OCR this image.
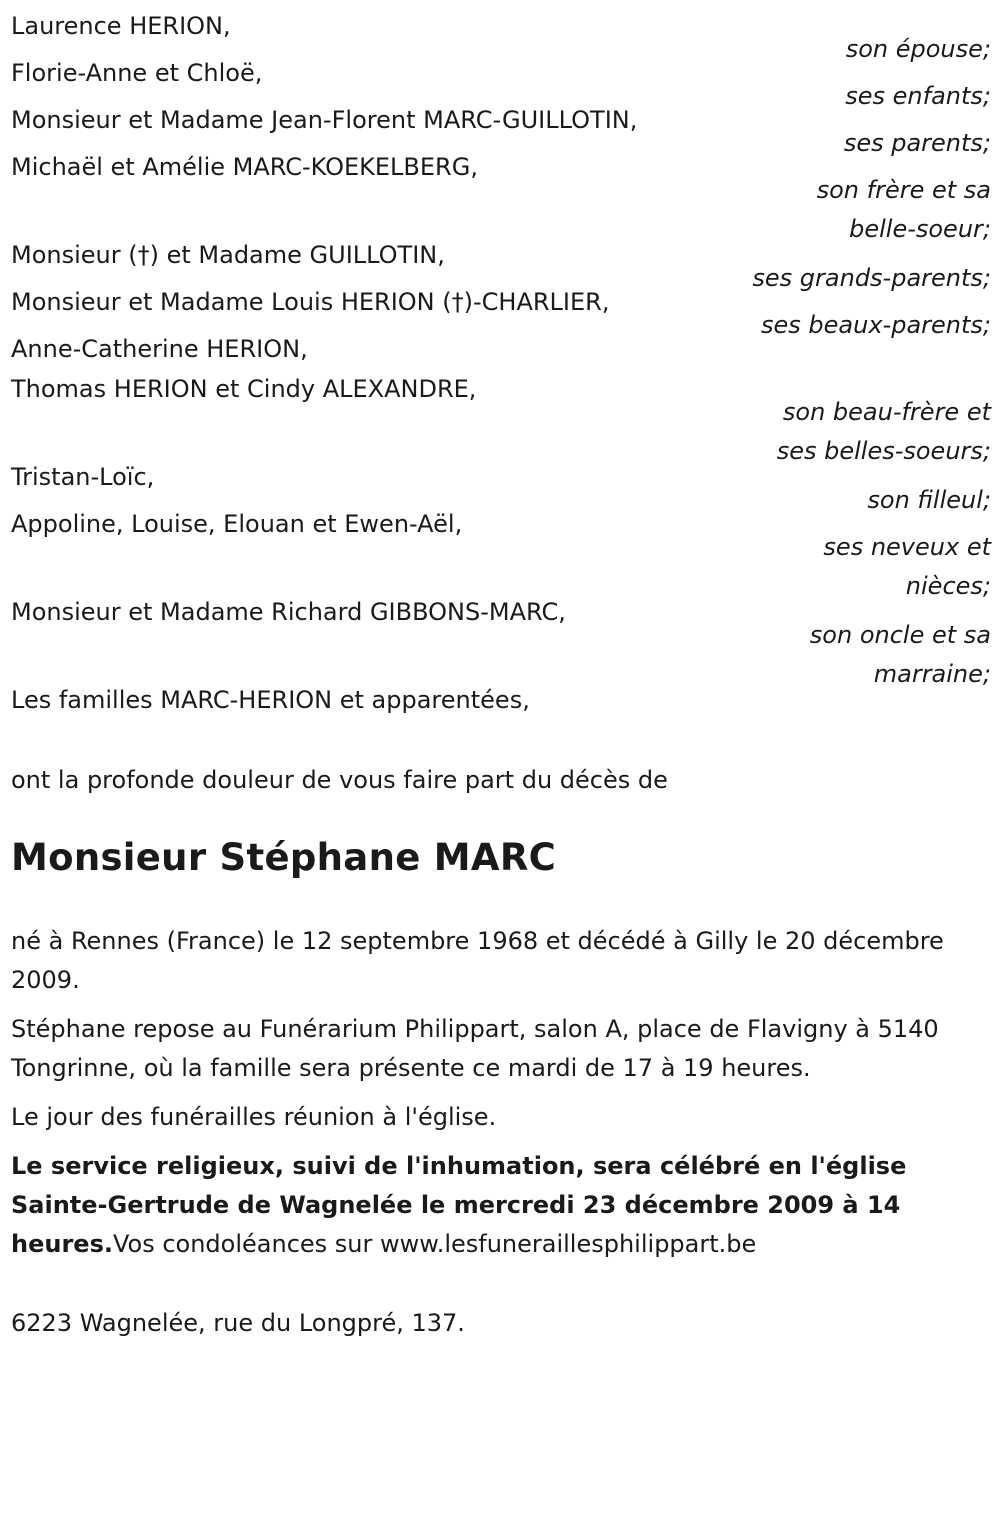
Laurence HERION,

son épouse;

Florie-Anne et Chloë,

ses enfants;

Monsieur et Madame Jean-Florent MARC-GUILLOTIN,

ses parents;

Michaël et Amélie MARC-KOEKELBERG,

son frère et sa belle-soeur;

Monsieur (†) et Madame GUILLOTIN,

ses grands-parents;

Monsieur et Madame Louis HERION (†)-CHARLIER,

ses beaux-parents;

Anne-Catherine HERION,

Thomas HERION et Cindy ALEXANDRE,

son beau-frère et ses belles-soeurs;

Tristan-Loïc,

son filleul;

Appoline, Louise, Elouan et Ewen-Aël,

ses neveux et nièces;

Monsieur et Madame Richard GIBBONS-MARC,

son oncle et sa marraine;

Les familles MARC-HERION et apparentées,

ont la profonde douleur de vous faire part du décès de

Monsieur Stéphane MARC

né à Rennes (France) le 12 septembre 1968 et décédé à Gilly le 20 décembre 2009.

Stéphane repose au Funérarium Philippart, salon A, place de Flavigny à 5140 Tongrinne, où la famille sera présente ce mardi de 17 à 19 heures.

Le jour des funérailles réunion à l'église.

Le service religieux, suivi de l'inhumation, sera célébré en l'église Sainte-Gertrude de Wagnelée le mercredi 23 décembre 2009 à 14 heures.Vos condoléances sur www.lesfuneraillesphilippart.be

6223 Wagnelée, rue du Longpré, 137.
